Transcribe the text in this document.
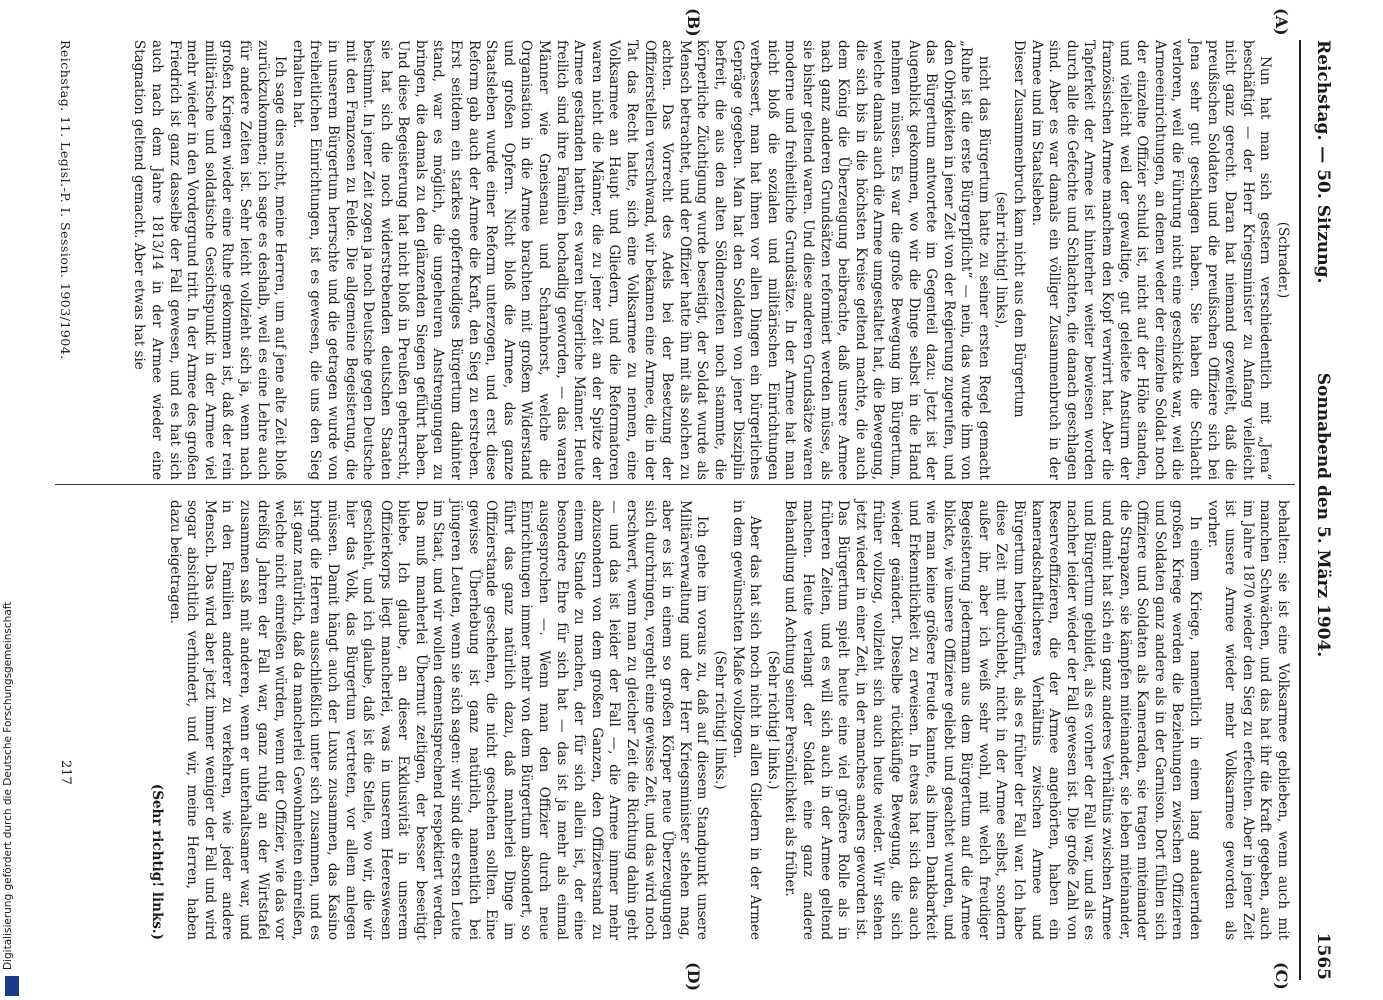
Reichstag. — 50. Sitzung.
Sonnabend den 5. März 1904.
1565
(A)
(B)
(C)
(D)

(Schrader.)

Nun hat man sich gestern verschiedentlich mit „Jena“ beschäftigt — der Herr Kriegsminister zu Anfang vielleicht nicht ganz gerecht. Daran hat niemand gezweifelt, daß die preußischen Soldaten und die preußischen Offiziere sich bei Jena sehr gut geschlagen haben. Sie haben die Schlacht verloren, weil die Führung nicht eine geschickte war, weil die Armeeeinrichtungen, an denen weder der einzelne Soldat noch der einzelne Offizier schuld ist, nicht auf der Höhe standen, und vielleicht weil der gewaltige, gut geleitete Ansturm der französischen Armee manchem den Kopf verwirrt hat. Aber die Tapferkeit der Armee ist hinterher weiter bewiesen worden durch alle die Gefechte und Schlachten, die danach geschlagen sind. Aber es war damals ein völliger Zusammenbruch in der Armee und im Staatsleben.

Dieser Zusammenbruch kam nicht aus dem Bürgertum

(sehr richtig! links),

nicht das Bürgertum hatte zu seiner ersten Regel gemacht „Ruhe ist die erste Bürgerpflicht“ — nein, das wurde ihm von den Obrigkeiten in jener Zeit von der Regierung zugerufen, und das Bürgertum antwortete im Gegenteil dazu: Jetzt ist der Augenblick gekommen, wo wir die Dinge selbst in die Hand nehmen müssen. Es war die große Bewegung im Bürgertum, welche damals auch die Armee umgestaltet hat, die Bewegung, die sich bis in die höchsten Kreise geltend machte, die auch dem König die Überzeugung beibrachte, daß unsere Armee nach ganz anderen Grundsätzen reformiert werden müsse, als sie bisher geltend waren. Und diese anderen Grundsätze waren moderne und freiheitliche Grundsätze. In der Armee hat man nicht bloß die sozialen und militärischen Einrichtungen verbessert, man hat ihnen vor allen Dingen ein bürgerliches Gepräge gegeben. Man hat den Soldaten von jener Disziplin befreit, die aus den alten Söldnerzeiten noch stammte, die körperliche Züchtigung wurde beseitigt, der Soldat wurde als Mensch betrachtet, und der Offizier hatte ihn mit als solchen zu achten. Das Vorrecht des Adels bei der Besetzung der Offizierstellen verschwand, wir bekamen eine Armee, die in der Tat das Recht hatte, sich eine Volksarmee zu nennen, eine Volksarmee an Haupt und Gliedern, und die Reformatoren waren nicht die Männer, die zu jener Zeit an der Spitze der Armee gestanden hatten, es waren bürgerliche Männer. Heute freilich sind ihre Familien hochadlig geworden, — das waren Männer wie Gneisenau und Scharnhorst, welche die Organisation in die Armee brachten mit großem Widerstand und großen Opfern. Nicht bloß die Armee, das ganze Staatsleben wurde einer Reform unterzogen, und erst diese Reform gab auch der Armee die Kraft, den Sieg zu erstreben. Erst seitdem ein starkes opferfreudiges Bürgertum dahinter stand, war es möglich, die ungeheuren Anstrengungen zu bringen, die damals zu den glänzenden Siegen geführt haben. Und diese Begeisterung hat nicht bloß in Preußen geherrscht, sie hat sich die noch widerstrebenden deutschen Staaten bestimmt. In jener Zeit zogen ja noch Deutsche gegen Deutsche mit den Franzosen zu Felde. Die allgemeine Begeisterung, die in unserem Bürgertum herrschte und die getragen wurde von freiheitlichen Einrichtungen, ist es gewesen, die uns den Sieg erhalten hat.

Ich sage dies nicht, meine Herren, um auf jene alte Zeit bloß zurückzukommen; ich sage es deshalb, weil es eine Lehre auch für andere Zeiten ist. Sehr leicht vollzieht sich ja, wenn nach großen Kriegen wieder eine Ruhe gekommen ist, daß der rein militärische und soldatische Gesichtspunkt in der Armee viel mehr wieder in den Vordergrund tritt. In der Armee des großen Friedrich ist ganz dasselbe der Fall gewesen, und es hat sich auch nach dem Jahre 1813/14 in der Armee wieder eine Stagnation geltend gemacht. Aber etwas hat sie

behalten: sie ist eine Volksarmee geblieben, wenn auch mit manchen Schwächen, und das hat ihr die Kraft gegeben, auch im Jahre 1870 wieder den Sieg zu erfechten. Aber in jener Zeit ist unsere Armee wieder mehr Volksarmee geworden als vorher.

In einem Kriege, namentlich in einem lang andauernden großen Kriege werden die Beziehungen zwischen Offizieren und Soldaten ganz andere als in der Garnison. Dort fühlen sich Offiziere und Soldaten als Kameraden, sie tragen miteinander die Strapazen, sie kämpfen miteinander, sie leben miteinander, und damit hat sich ein ganz anderes Verhältnis zwischen Armee und Bürgertum gebildet, als es vorher der Fall war, und als es nachher leider wieder der Fall gewesen ist. Die große Zahl von Reserveoffizieren, die der Armee angehörten, haben ein kameradschaftlicheres Verhältnis zwischen Armee und Bürgertum herbeigeführt, als es früher der Fall war. Ich habe diese Zeit mit durchlebt, nicht in der Armee selbst, sondern außer ihr, aber ich weiß sehr wohl, mit welch freudiger Begeisterung jedermann aus dem Bürgertum auf die Armee blickte, wie unsere Offiziere geliebt und geachtet wurden, und wie man keine größere Freude kannte, als ihnen Dankbarkeit und Erkenntlichkeit zu erweisen. In etwas hat sich das auch wieder geändert. Dieselbe rückläufige Bewegung, die sich früher vollzog, vollzieht sich auch heute wieder. Wir stehen jetzt wieder in einer Zeit, in der manches anders geworden ist. Das Bürgertum spielt heute eine viel größere Rolle als in früheren Zeiten, und es will sich auch in der Armee geltend machen. Heute verlangt der Soldat eine ganz andere Behandlung und Achtung seiner Persönlichkeit als früher.

(Sehr richtig! links.)

Aber das hat sich noch nicht in allen Gliedern in der Armee in dem gewünschten Maße vollzogen.

(Sehr richtig! links.)

Ich gehe im voraus zu, daß auf diesem Standpunkt unsere Militärverwaltung und der Herr Kriegsminister stehen mag, aber es ist in einem so großen Körper neue Überzeugungen sich durchringen, vergeht eine gewisse Zeit, und das wird noch erschwert, wenn man zu gleicher Zeit die Richtung dahin geht — und das ist leider der Fall —, die Armee immer mehr abzusondern von dem großen Ganzen, den Offizierstand zu einem Stande zu machen, der für sich allein ist, der eine besondere Ehre für sich hat — das ist ja mehr als einmal ausgesprochen —. Wenn man den Offizier durch neue Einrichtungen immer mehr von dem Bürgertum absondert, so führt das ganz natürlich dazu, daß manherlei Dinge im Offizierstande geschehen, die nicht geschehen sollten. Eine gewisse Überhebung ist ganz natürlich, namentlich bei jüngeren Leuten, wenn sie sich sagen: wir sind die ersten Leute im Staat, und wir wollen dementsprechend respektiert werden. Das muß manherlei Übermut zeitigen, der besser beseitigt bliebe. Ich glaube, an dieser Exklusivität in unserem Offizierkorps liegt mancherlei, was in unserem Heereswesen geschieht, und ich glaube, daß ist die Stelle, wo wir, die wir hier das Volk, das Bürgertum vertreten, vor allem anlegen müssen. Damit hängt auch der Luxus zusammen, das Kasino bringt die Herren ausschließlich unter sich zusammen, und es ist ganz natürlich, daß da mancherlei Gewohnheiten einreißen, welche nicht einreißen würden, wenn der Offizier, wie das vor dreißig Jahren der Fall war, ganz ruhig an der Wirtstafel zusammen saß mit anderen, wenn er unterhaltsamer war, und in den Familien anderer zu verkehren, wie jeder andere Mensch. Das wird aber jetzt immer weniger der Fall und wird sogar absichtlich verhindert, und wir, meine Herren, haben dazu beigetragen.

(Sehr richtig! links.)

Reichstag. 11. Legisl.-P. I. Session. 1903/1904.
217
Digitalisierung gefördert durch die Deutsche Forschungsgemeinschaft
